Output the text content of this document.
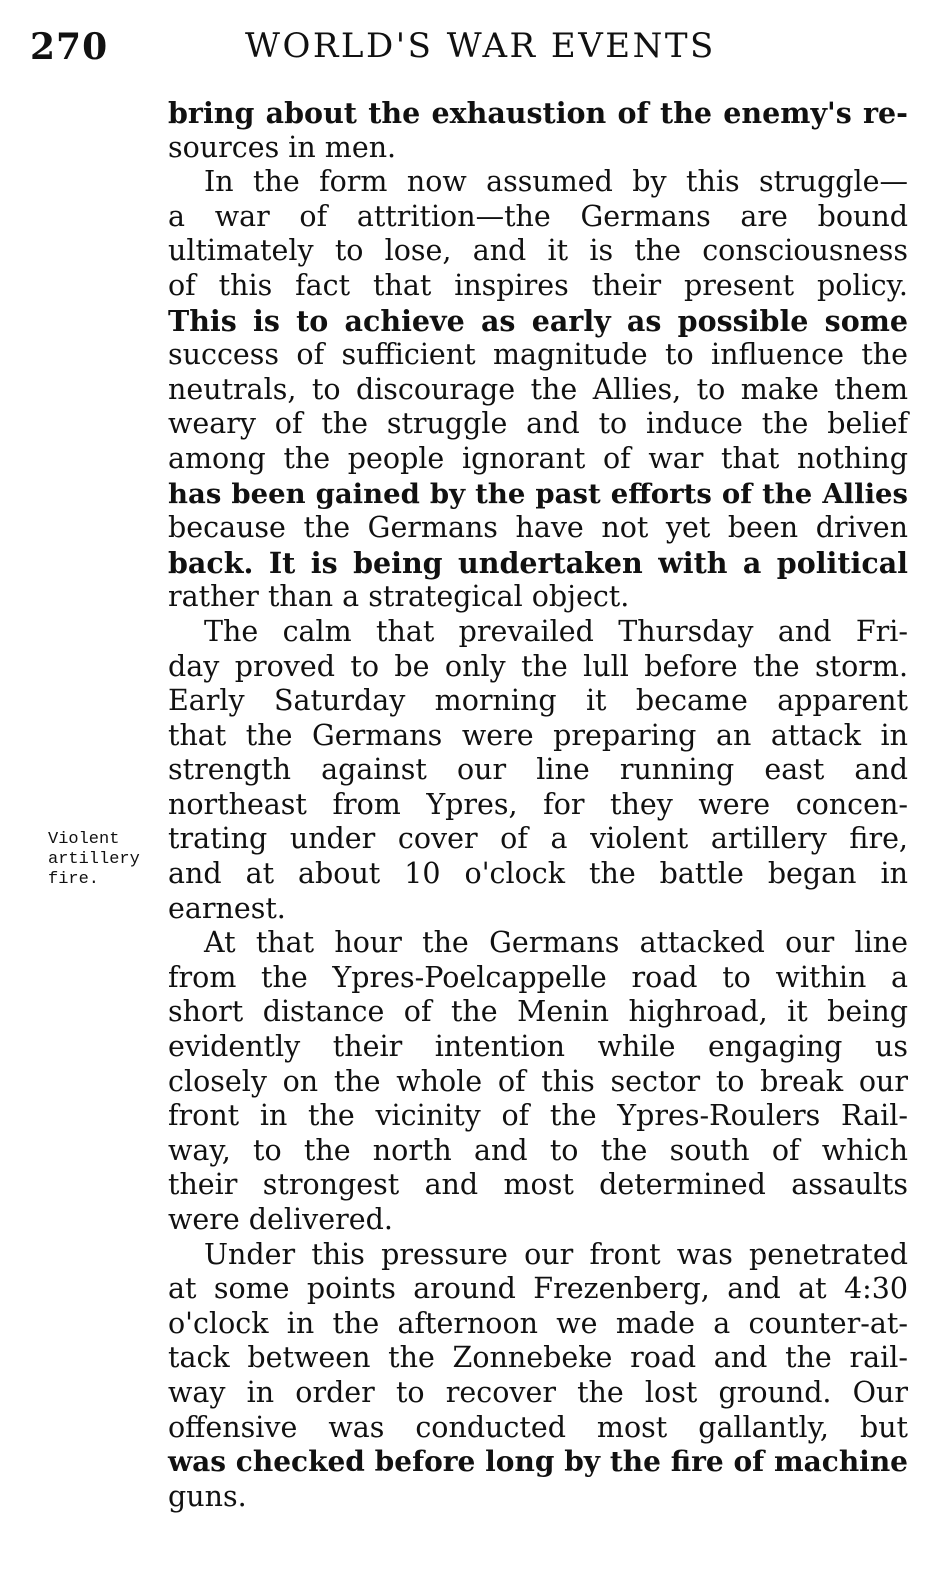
270	WORLD'S WAR EVENTS
Violent
artillery
fire.
bring about the exhaustion of the enemy's re-
sources in men.
In the form now assumed by this struggle—
a war of attrition—the Germans are bound
ultimately to lose, and it is the consciousness
of this fact that inspires their present policy.
This is to achieve as early as possible some
success of sufficient magnitude to influence the
neutrals, to discourage the Allies, to make them
weary of the struggle and to induce the belief
among the people ignorant of war that nothing
has been gained by the past efforts of the Allies
because the Germans have not yet been driven
back. It is being undertaken with a political
rather than a strategical object.
The calm that prevailed Thursday and Fri-
day proved to be only the lull before the storm.
Early Saturday morning it became apparent
that the Germans were preparing an attack in
strength against our line running east and
northeast from Ypres, for they were concen-
trating under cover of a violent artillery fire,
and at about 10 o'clock the battle began in
earnest.
At that hour the Germans attacked our line
from the Ypres-Poelcappelle road to within a
short distance of the Menin highroad, it being
evidently their intention while engaging us
closely on the whole of this sector to break our
front in the vicinity of the Ypres-Roulers Rail-
way, to the north and to the south of which
their strongest and most determined assaults
were delivered.
Under this pressure our front was penetrated
at some points around Frezenberg, and at 4:30
o'clock in the afternoon we made a counter-at-
tack between the Zonnebeke road and the rail-
way in order to recover the lost ground. Our
offensive was conducted most gallantly, but
was checked before long by the fire of machine
guns.
